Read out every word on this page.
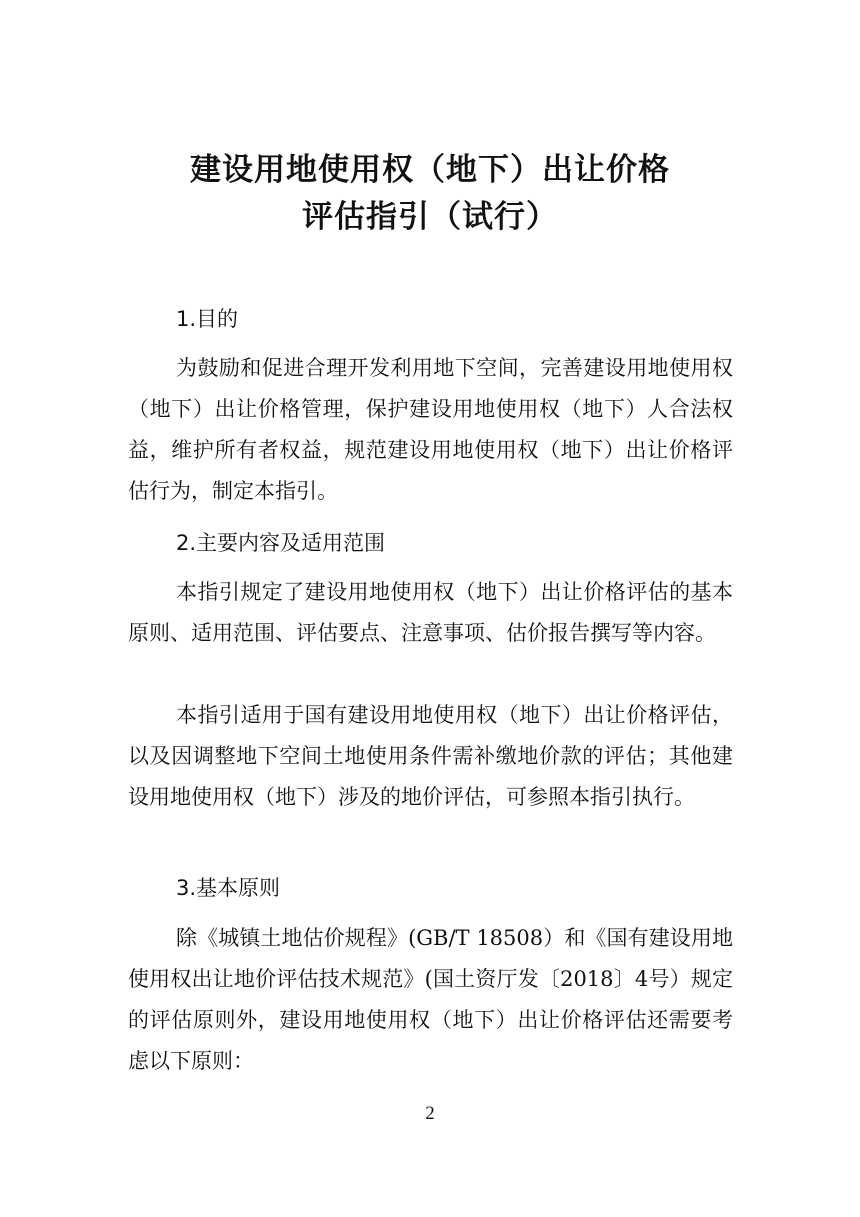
建设用地使用权（地下）出让价格
评估指引（试行）
1.目的

为鼓励和促进合理开发利用地下空间，完善建设用地使用权（地下）出让价格管理，保护建设用地使用权（地下）人合法权益，维护所有者权益，规范建设用地使用权（地下）出让价格评估行为，制定本指引。

2.主要内容及适用范围

本指引规定了建设用地使用权（地下）出让价格评估的基本原则、适用范围、评估要点、注意事项、估价报告撰写等内容。

本指引适用于国有建设用地使用权（地下）出让价格评估，以及因调整地下空间土地使用条件需补缴地价款的评估；其他建设用地使用权（地下）涉及的地价评估，可参照本指引执行。

3.基本原则

除《城镇土地估价规程》(GB/T 18508）和《国有建设用地使用权出让地价评估技术规范》(国土资厅发〔2018〕4号）规定的评估原则外，建设用地使用权（地下）出让价格评估还需要考虑以下原则：

2
